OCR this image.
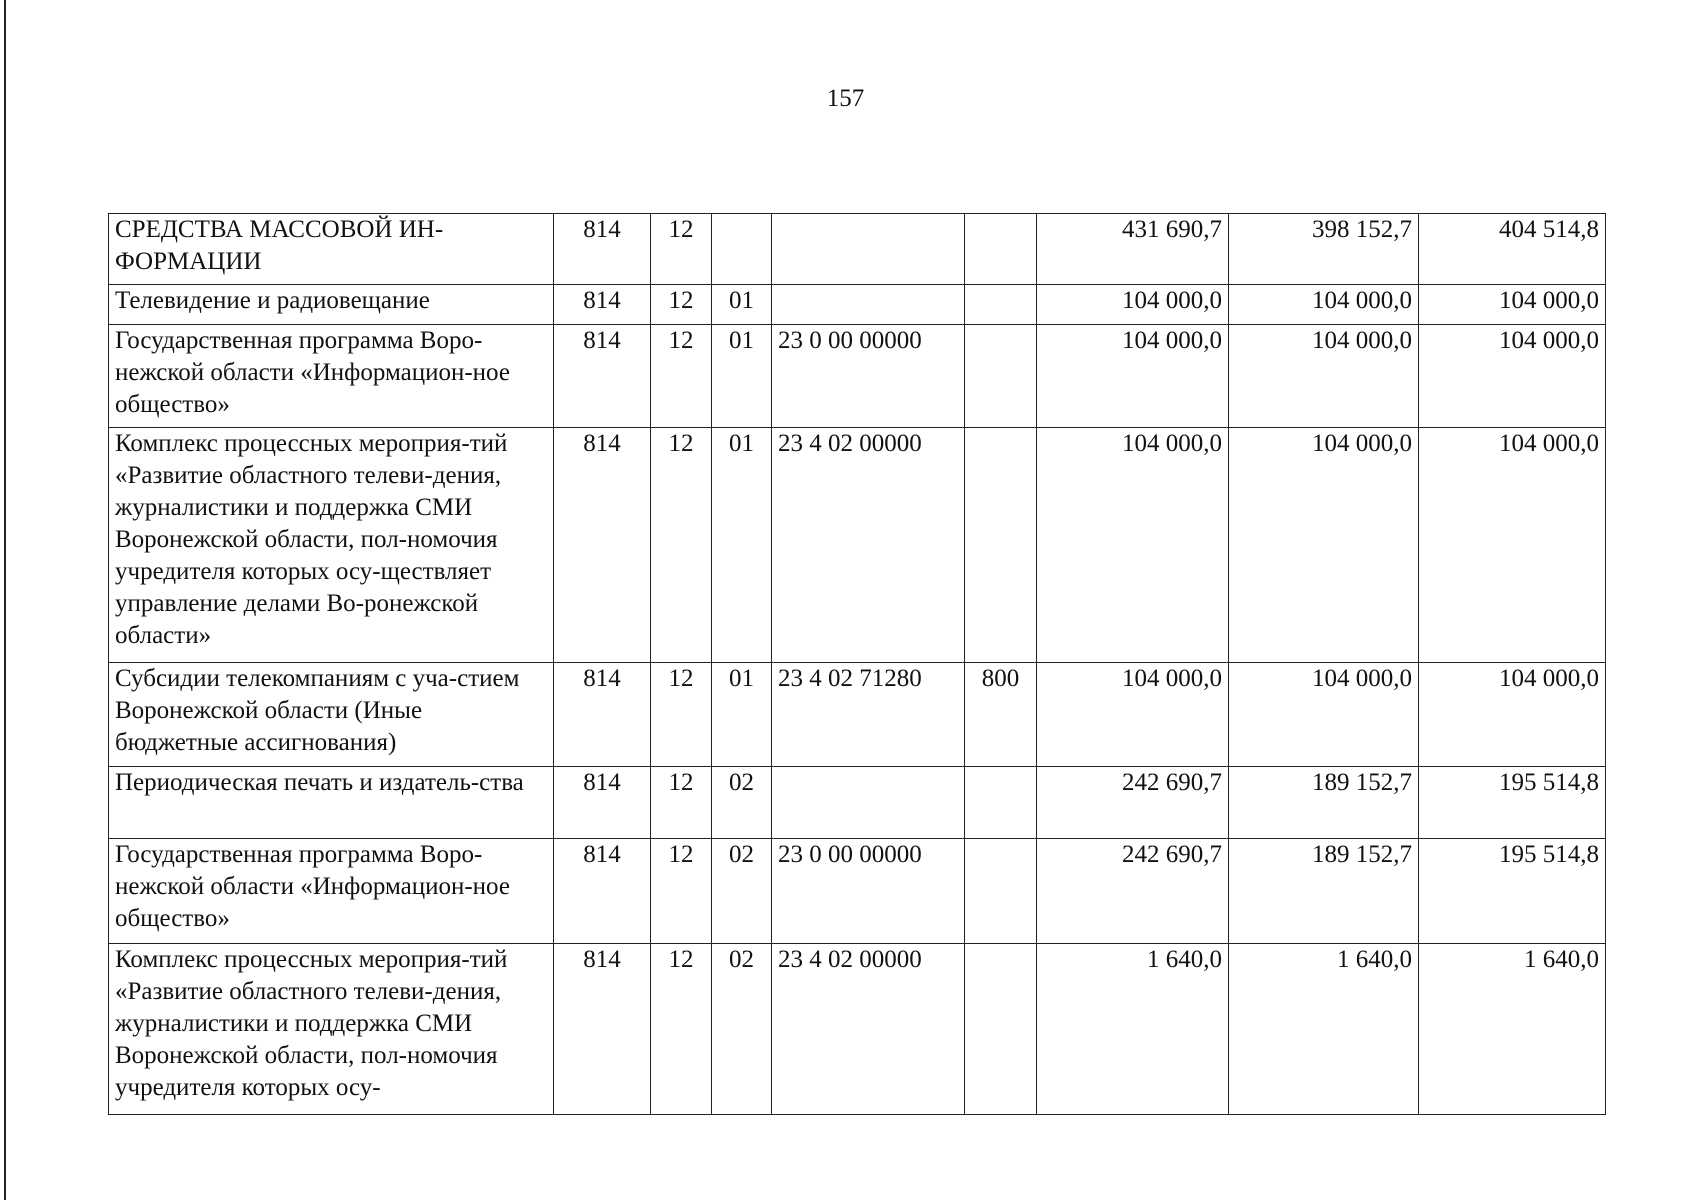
157
СРЕДСТВА МАССОВОЙ ИН-ФОРМАЦИИ	814	12				431 690,7	398 152,7	404 514,8
Телевидение и радиовещание	814	12	01			104 000,0	104 000,0	104 000,0
Государственная программа Воро-нежской области «Информацион-ное общество»	814	12	01	23 0 00 00000		104 000,0	104 000,0	104 000,0
Комплекс процессных мероприя-тий «Развитие областного телеви-дения, журналистики и поддержка СМИ Воронежской области, пол-номочия учредителя которых осу-ществляет управление делами Во-ронежской области»	814	12	01	23 4 02 00000		104 000,0	104 000,0	104 000,0
Субсидии телекомпаниям с уча-стием Воронежской области (Иные бюджетные ассигнования)	814	12	01	23 4 02 71280	800	104 000,0	104 000,0	104 000,0
Периодическая печать и издатель-ства	814	12	02			242 690,7	189 152,7	195 514,8
Государственная программа Воро-нежской области «Информацион-ное общество»	814	12	02	23 0 00 00000		242 690,7	189 152,7	195 514,8
Комплекс процессных мероприя-тий «Развитие областного телеви-дения, журналистики и поддержка СМИ Воронежской области, пол-номочия учредителя которых осу-	814	12	02	23 4 02 00000		1 640,0	1 640,0	1 640,0
